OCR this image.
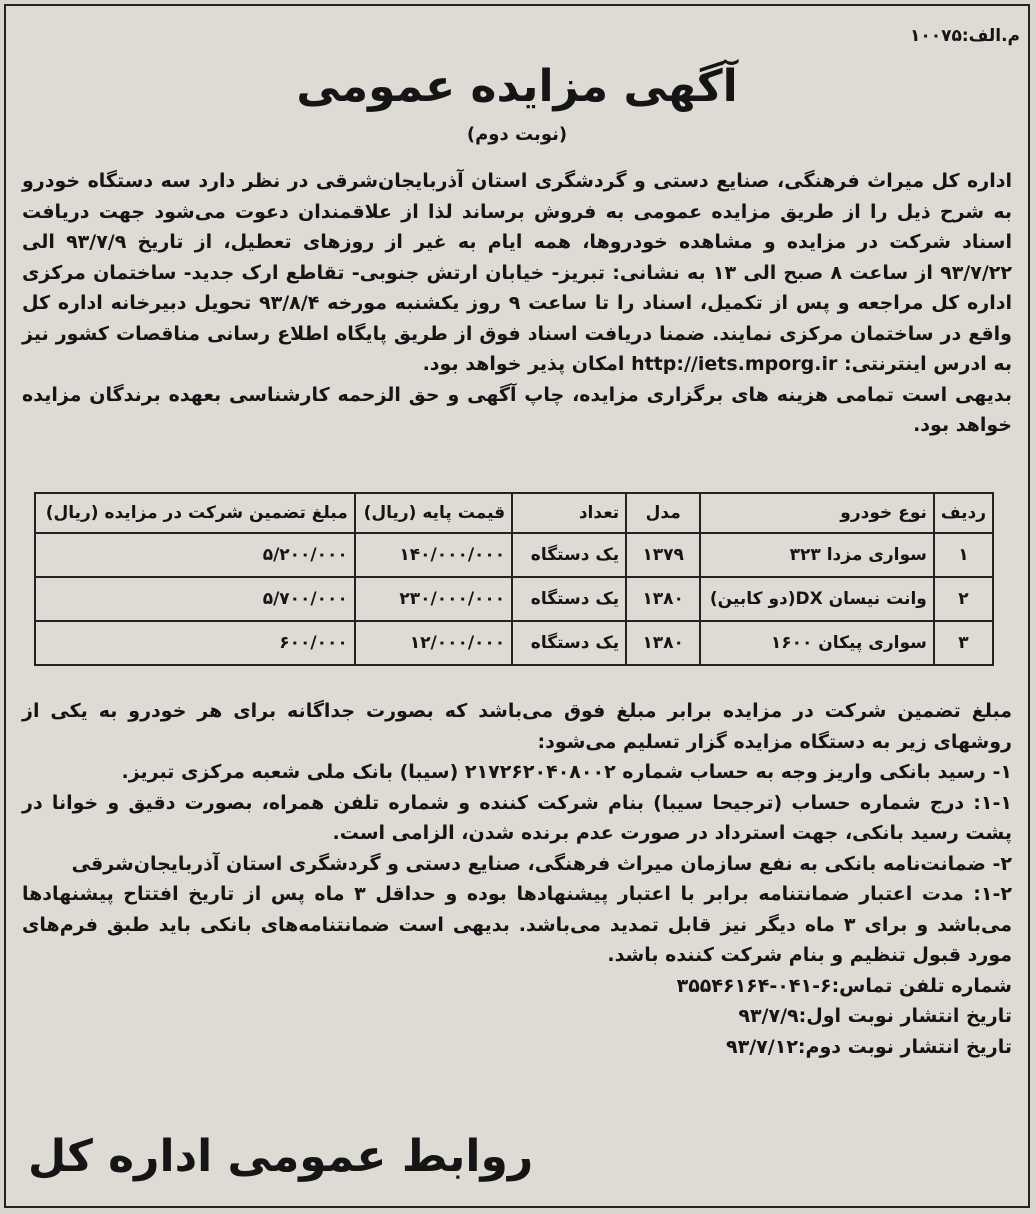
م.الف:۱۰۰۷۵
آگهی مزایده عمومی
(نوبت دوم)

اداره کل میراث فرهنگی، صنایع دستی و گردشگری استان آذربایجان‌شرقی در نظر دارد سه دستگاه خودرو به شرح ذیل را از طریق مزایده عمومی به فروش برساند لذا از علاقمندان دعوت می‌شود جهت دریافت اسناد شرکت در مزایده و مشاهده خودروها، همه ایام به غیر از روزهای تعطیل، از تاریخ ۹۳/۷/۹ الی ۹۳/۷/۲۲ از ساعت ۸ صبح الی ۱۳ به نشانی: تبریز- خیابان ارتش جنوبی- تقاطع ارک جدید- ساختمان مرکزی اداره کل مراجعه و پس از تکمیل، اسناد را تا ساعت ۹ روز یکشنبه مورخه ۹۳/۸/۴ تحویل دبیرخانه اداره کل واقع در ساختمان مرکزی نمایند. ضمنا دریافت اسناد فوق از طریق پایگاه اطلاع رسانی مناقصات کشور نیز به ادرس اینترنتی: http://iets.mporg.ir امکان پذیر خواهد بود.

بدیهی است تمامی هزینه های برگزاری مزایده، چاپ آگهی و حق الزحمه کارشناسی بعهده برندگان مزایده خواهد بود.

ردیف	نوع خودرو	مدل	تعداد	قیمت پایه (ریال)	مبلغ تضمین شرکت در مزایده (ریال)
۱	سواری مزدا ۳۲۳	۱۳۷۹	یک دستگاه	۱۴۰/۰۰۰/۰۰۰	۵/۲۰۰/۰۰۰
۲	وانت نیسان DX(دو کابین)	۱۳۸۰	یک دستگاه	۲۳۰/۰۰۰/۰۰۰	۵/۷۰۰/۰۰۰
۳	سواری پیکان ۱۶۰۰	۱۳۸۰	یک دستگاه	۱۲/۰۰۰/۰۰۰	۶۰۰/۰۰۰

مبلغ تضمین شرکت در مزایده برابر مبلغ فوق می‌باشد که بصورت جداگانه برای هر خودرو به یکی از روشهای زیر به دستگاه مزایده گزار تسلیم می‌شود:

۱- رسید بانکی واریز وجه به حساب شماره ۲۱۷۲۶۲۰۴۰۸۰۰۲ (سیبا) بانک ملی شعبه مرکزی تبریز.

۱-۱: درج شماره حساب (ترجیحا سیبا) بنام شرکت کننده و شماره تلفن همراه، بصورت دقیق و خوانا در پشت رسید بانکی، جهت استرداد در صورت عدم برنده شدن، الزامی است.

۲- ضمانت‌نامه بانکی به نفع سازمان میراث فرهنگی، صنایع دستی و گردشگری استان آذربایجان‌شرقی

۱-۲: مدت اعتبار ضمانتنامه برابر با اعتبار پیشنهادها بوده و حداقل ۳ ماه پس از تاریخ افتتاح پیشنهادها می‌باشد و برای ۳ ماه دیگر نیز قابل تمدید می‌باشد. بدیهی است ضمانتنامه‌های بانکی باید طبق فرم‌های مورد قبول تنظیم و بنام شرکت کننده باشد.

شماره تلفن تماس:۶-۰۴۱-۳۵۵۴۶۱۶۴

تاریخ انتشار نوبت اول:۹۳/۷/۹

تاریخ انتشار نوبت دوم:۹۳/۷/۱۲

روابط عمومی اداره کل
